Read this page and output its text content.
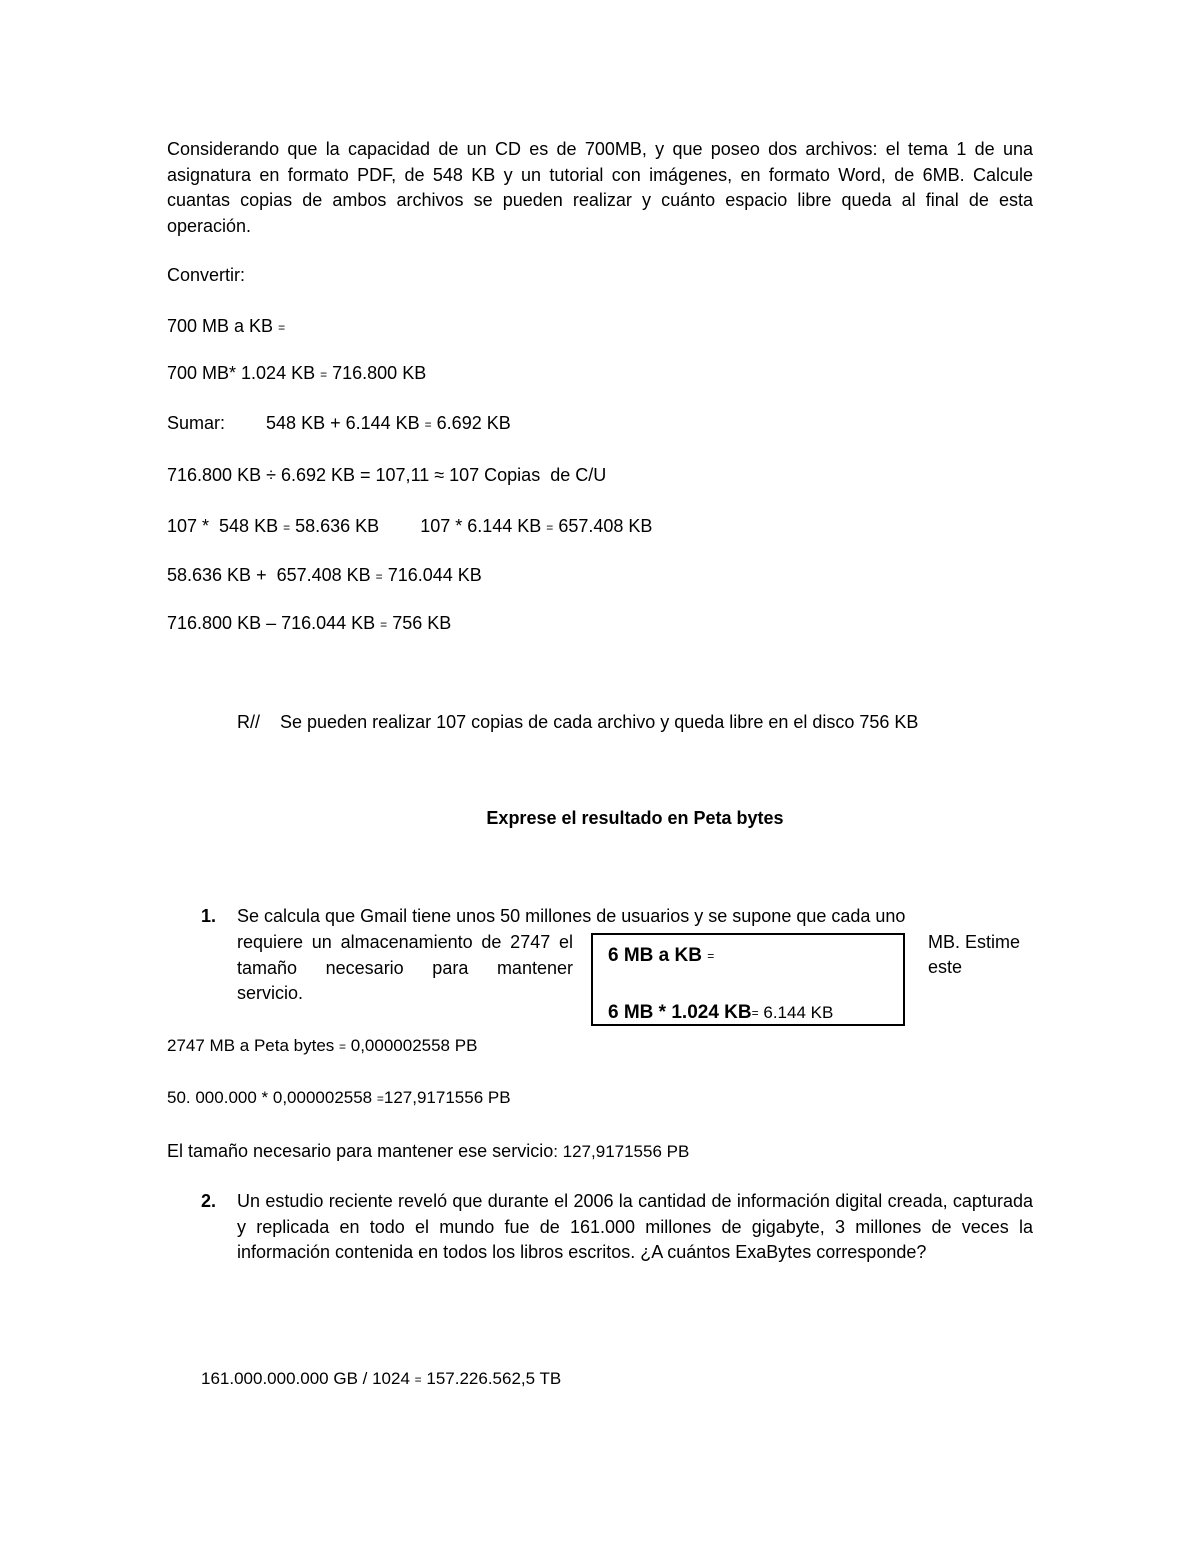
Considerando que la capacidad de un CD es de 700MB, y que poseo dos archivos: el tema 1 de una asignatura en formato PDF, de 548 KB y un tutorial con imágenes, en formato Word, de 6MB. Calcule cuantas copias de ambos archivos se pueden realizar y cuánto espacio libre queda al final de esta operación.
Convertir:
700 MB a KB =
700 MB* 1.024 KB = 716.800 KB
Sumar: 548 KB + 6.144 KB = 6.692 KB
716.800 KB ÷ 6.692 KB = 107,11 ≈ 107 Copias  de C/U
107 *  548 KB = 58.636 KB 107 * 6.144 KB = 657.408 KB
58.636 KB +  657.408 KB = 716.044 KB
716.800 KB – 716.044 KB = 756 KB
R//    Se pueden realizar 107 copias de cada archivo y queda libre en el disco 756 KB
Exprese el resultado en Peta bytes
1. Se calcula que Gmail tiene unos 50 millones de usuarios y se supone que cada uno
requiere un almacenamiento de 2747 el tamaño necesario para mantener servicio.
MB. Estime
este
6 MB a KB =
6 MB * 1.024 KB= 6.144 KB
2747 MB a Peta bytes = 0,000002558 PB
50. 000.000 * 0,000002558 =127,9171556 PB
El tamaño necesario para mantener ese servicio: 127,9171556 PB
2. Un estudio reciente reveló que durante el 2006 la cantidad de información digital creada, capturada y replicada en todo el mundo fue de 161.000 millones de gigabyte, 3 millones de veces la información contenida en todos los libros escritos. ¿A cuántos ExaBytes corresponde?
161.000.000.000 GB / 1024 = 157.226.562,5 TB
